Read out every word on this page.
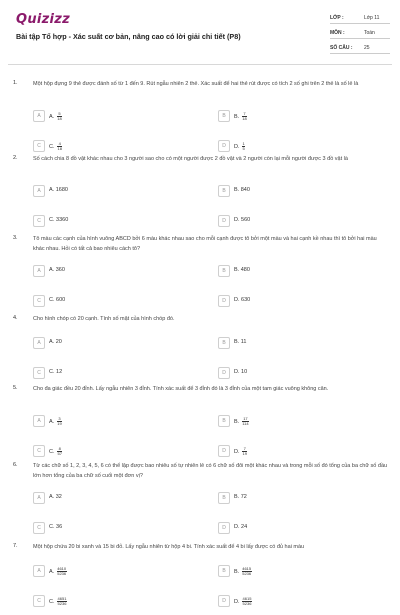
Quizizz
Bài tập Tổ hợp - Xác suất cơ bản, nâng cao có lời giải chi tiết (P8)
LỚP :	Lớp 11
MÔN :	Toán
SỐ CÂU : 25
1.	Một hộp đựng 9 thẻ được đánh số từ 1 đến 9. Rút ngẫu nhiên 2 thẻ. Xác suất để hai thẻ rút được có tích 2 số ghi trên 2 thẻ là số lẻ là
A	A. $\frac{5}{18}$	B	B. $\frac{7}{18}$
C	C. $\frac{4}{18}$	D	D. $\frac{1}{5}$
2.	Số cách chia 8 đồ vật khác nhau cho 3 người sao cho có một người được 2 đồ vật và 2 người còn lại mỗi người được 3 đồ vật là
A	A. 1680	B	B. 840
C	C. 3360	D	D. 560
3.	Tô màu các cạnh của hình vuông ABCD bởi 6 màu khác nhau sao cho mỗi cạnh được tô bởi một màu và hai cạnh kề nhau thì tô bởi hai màu khác nhau. Hỏi có tất cả bao nhiêu cách tô?
A	A. 360	B	B. 480
C	C. 600	D	D. 630
4.	Cho hình chóp có 20 cạnh. Tính số mặt của hình chóp đó.
A	A. 20	B	B. 11
C	C. 12	D	D. 10
5.	Cho đa giác đều 20 đỉnh. Lấy ngẫu nhiên 3 đỉnh. Tính xác suất để 3 đỉnh đó là 3 đỉnh của một tam giác vuông không cân.
A	A. $\frac{3}{19}$	B	B. $\frac{17}{114}$
C	C. $\frac{8}{57}$	D	D. $\frac{7}{19}$
6.	Từ các chữ số 1, 2, 3, 4, 5, 6 có thể lập được bao nhiêu số tự nhiên lẻ có 6 chữ số đôi một khác nhau và trong mỗi số đó tổng của ba chữ số đầu lớn hơn tổng của ba chữ số cuối một đơn vị?
A	A. 32	B	B. 72
C	C. 36	D	D. 24
7.	Một hộp chứa 20 bi xanh và 15 bi đỏ. Lấy ngẫu nhiên từ hộp 4 bi. Tính xác suất để 4 bi lấy được có đủ hai màu
A	A. $\frac{4610}{5236}$	B	B. $\frac{4615}{5236}$
C	C. $\frac{4651}{5236}$	D	D. $\frac{4615}{5236}$
